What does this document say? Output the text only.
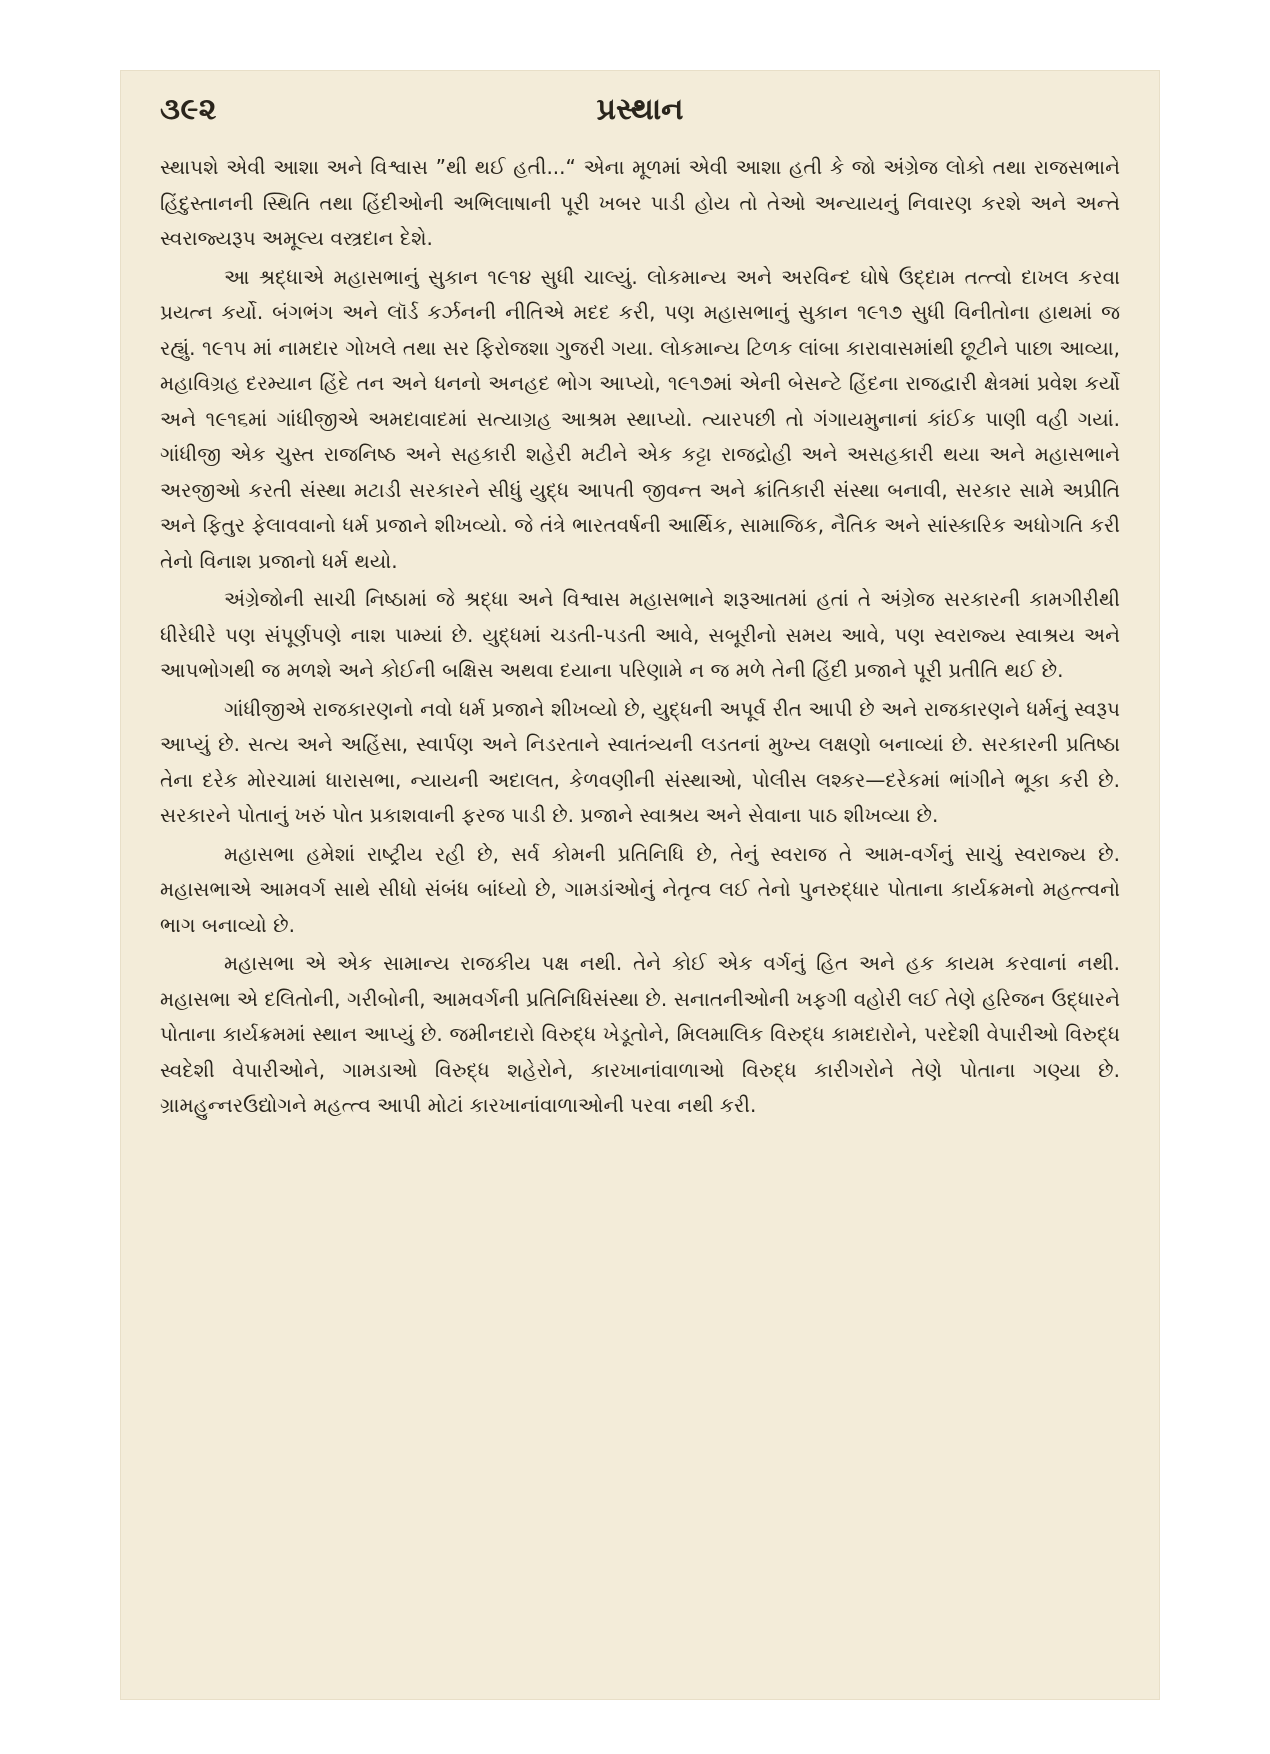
૩૯૨	પ્રસ્થાન

સ્થાપશે એવી આશા અને વિશ્વાસ ”થી થઈ હતી...“ એના મૂળમાં એવી આશા હતી કે જો અંગ્રેજ લોકો તથા રાજસભાને હિંદુસ્તાનની સ્થિતિ તથા હિંદીઓની અભિલાષાની પૂરી ખબર પાડી હોય તો તેઓ અન્યાયનું નિવારણ કરશે અને અન્તે સ્વરાજ્યરૂપ અમૂલ્ય વસ્ત્રદાન દેશે.

આ શ્રદ્ધાએ મહાસભાનું સુકાન ૧૯૧૪ સુધી ચાલ્યું. લોકમાન્ય અને અરવિન્દ ઘોષે ઉદ્દામ તત્ત્વો દાખલ કરવા પ્રયત્ન કર્યો. બંગભંગ અને લૉર્ડ કર્ઝનની નીતિએ મદદ કરી, પણ મહાસભાનું સુકાન ૧૯૧૭ સુધી વિનીતોના હાથમાં જ રહ્યું. ૧૯૧૫ માં નામદાર ગોખલે તથા સર ફિરોજશા ગુજરી ગયા. લોકમાન્ય ટિળક લાંબા કારાવાસમાંથી છૂટીને પાછા આવ્યા, મહાવિગ્રહ દરમ્યાન હિંદે તન અને ધનનો અનહદ ભોગ આપ્યો, ૧૯૧૭માં એની બેસન્ટે હિંદના રાજદ્વારી ક્ષેત્રમાં પ્રવેશ કર્યો અને ૧૯૧૬માં ગાંધીજીએ અમદાવાદમાં સત્યાગ્રહ આશ્રમ સ્થાપ્યો. ત્યારપછી તો ગંગાયમુનાનાં કાંઈક પાણી વહી ગયાં. ગાંધીજી એક ચુસ્ત રાજનિષ્ઠ અને સહકારી શહેરી મટીને એક કટ્ટા રાજદ્રોહી અને અસહકારી થયા અને મહાસભાને અરજીઓ કરતી સંસ્થા મટાડી સરકારને સીધું યુદ્ધ આપતી જીવન્ત અને ક્રાંતિકારી સંસ્થા બનાવી, સરકાર સામે અપ્રીતિ અને ફિતુર ફેલાવવાનો ધર્મ પ્રજાને શીખવ્યો. જે તંત્રે ભારતવર્ષની આર્થિક, સામાજિક, નૈતિક અને સાંસ્કારિક અધોગતિ કરી તેનો વિનાશ પ્રજાનો ધર્મ થયો.

અંગ્રેજોની સાચી નિષ્ઠામાં જે શ્રદ્ધા અને વિશ્વાસ મહાસભાને શરૂઆતમાં હતાં તે અંગ્રેજ સરકારની કામગીરીથી ધીરેધીરે પણ સંપૂર્ણપણે નાશ પામ્યાં છે. યુદ્ધમાં ચડતી-પડતી આવે, સબૂરીનો સમય આવે, પણ સ્વરાજ્ય સ્વાશ્રય અને આપભોગથી જ મળશે અને કોઈની બક્ષિસ અથવા દયાના પરિણામે ન જ મળે તેની હિંદી પ્રજાને પૂરી પ્રતીતિ થઈ છે.

ગાંધીજીએ રાજકારણનો નવો ધર્મ પ્રજાને શીખવ્યો છે, યુદ્ધની અપૂર્વ રીત આપી છે અને રાજકારણને ધર્મનું સ્વરૂપ આપ્યું છે. સત્ય અને અહિંસા, સ્વાર્પણ અને નિડરતાને સ્વાતંત્ર્યની લડતનાં મુખ્ય લક્ષણો બનાવ્યાં છે. સરકારની પ્રતિષ્ઠા તેના દરેક મોરચામાં ધારાસભા, ન્યાયની અદાલત, કેળવણીની સંસ્થાઓ, પોલીસ લશ્કર—દરેકમાં ભાંગીને ભૂકા કરી છે. સરકારને પોતાનું ખરું પોત પ્રકાશવાની ફરજ પાડી છે. પ્રજાને સ્વાશ્રય અને સેવાના પાઠ શીખવ્યા છે.

મહાસભા હમેશાં રાષ્ટ્રીય રહી છે, સર્વ કોમની પ્રતિનિધિ છે, તેનું સ્વરાજ તે આમ-વર્ગનું સાચું સ્વરાજ્ય છે. મહાસભાએ આમવર્ગ સાથે સીધો સંબંધ બાંધ્યો છે, ગામડાંઓનું નેતૃત્વ લઈ તેનો પુનરુદ્ધાર પોતાના કાર્યક્રમનો મહત્ત્વનો ભાગ બનાવ્યો છે.

મહાસભા એ એક સામાન્ય રાજકીય પક્ષ નથી. તેને કોઈ એક વર્ગનું હિત અને હક કાયમ કરવાનાં નથી. મહાસભા એ દલિતોની, ગરીબોની, આમવર્ગની પ્રતિનિધિસંસ્થા છે. સનાતનીઓની ખફગી વહોરી લઈ તેણે હરિજન ઉદ્ધારને પોતાના કાર્યક્રમમાં સ્થાન આપ્યું છે. જમીનદારો વિરુદ્ધ ખેડૂતોને, મિલમાલિક વિરુદ્ધ કામદારોને, પરદેશી વેપારીઓ વિરુદ્ધ સ્વદેશી વેપારીઓને, ગામડાઓ વિરુદ્ધ શહેરોને, કારખાનાંવાળાઓ વિરુદ્ધ કારીગરોને તેણે પોતાના ગણ્યા છે. ગ્રામહુન્નરઉદ્યોગને મહત્ત્વ આપી મોટાં કારખાનાંવાળાઓની પરવા નથી કરી.
